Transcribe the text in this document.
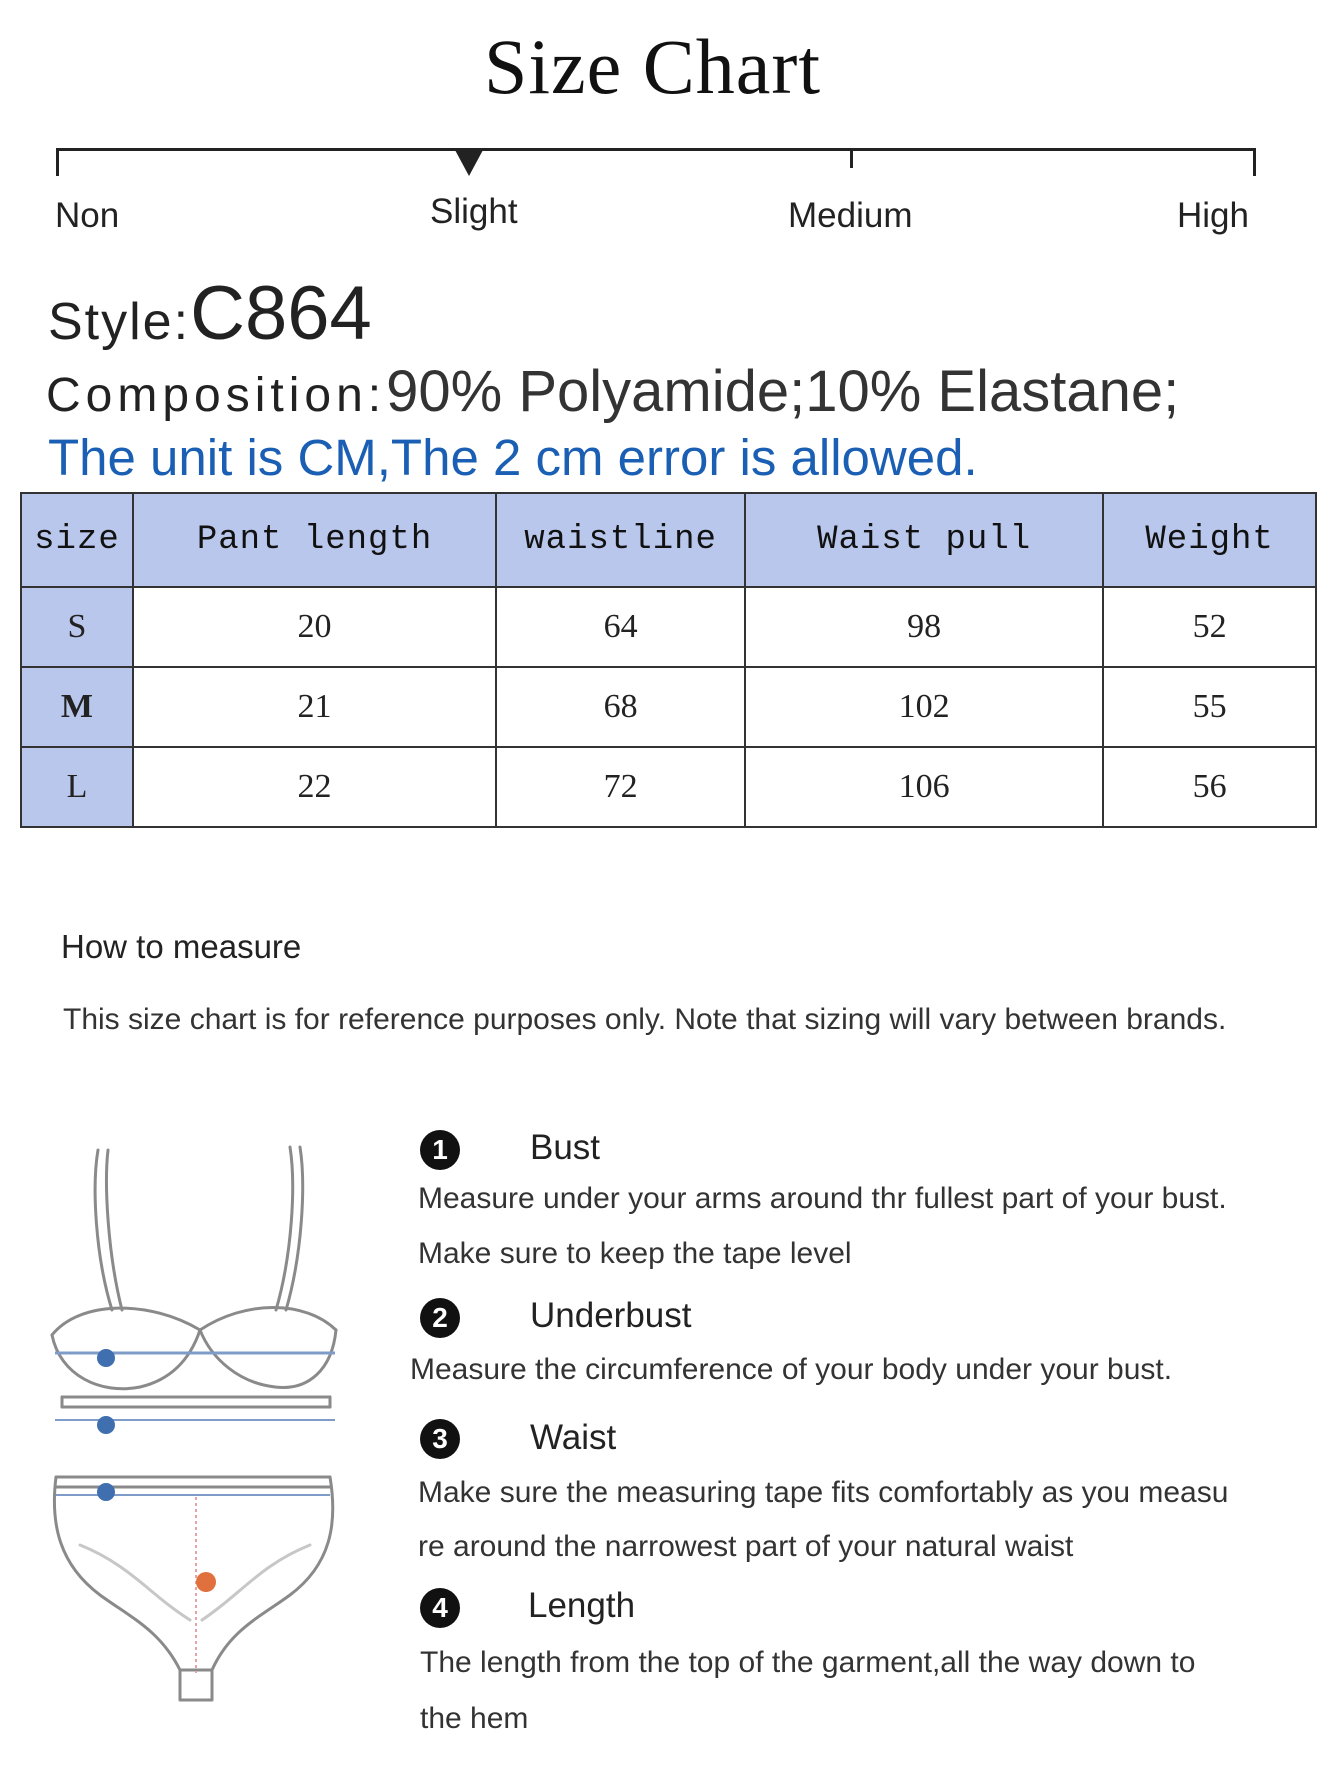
Size Chart
Non	Slight	Medium	High
Style:C864
Composition:90% Polyamide;10% Elastane;
The unit is CM,The 2 cm error is allowed.
size	Pant length	waistline	Waist pull	Weight
S	20	64	98	52
M	21	68	102	55
L	22	72	106	56
How to measure
This size chart is for reference purposes only. Note that sizing will vary between brands.
1	Bust
Measure under your arms around thr fullest part of your bust.
Make sure to keep the tape level
2	Underbust
Measure the circumference of your body under your bust.
3	Waist
Make sure the measuring tape fits comfortably as you measu
re around the narrowest part of your natural waist
4	Length
The length from the top of the garment,all the way down to
the hem
